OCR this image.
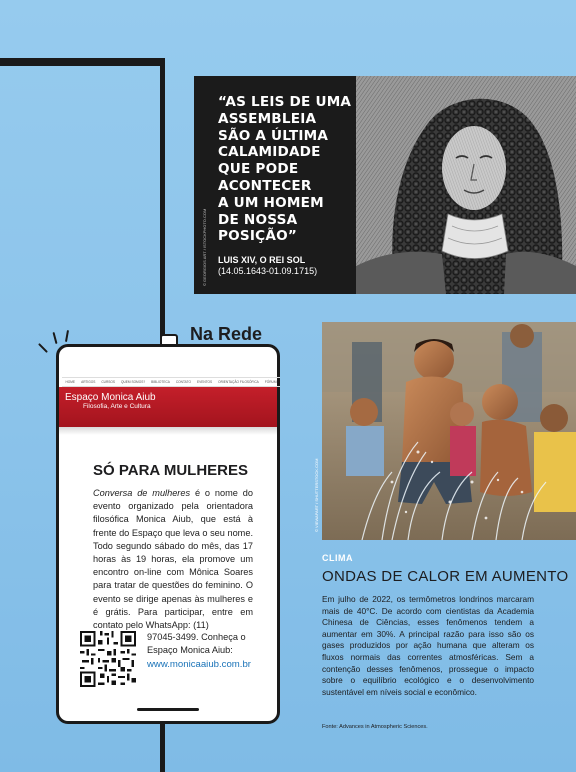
“AS LEIS DE UMA
ASSEMBLEIA
SÃO A ÚLTIMA
CALAMIDADE
QUE PODE
ACONTECER
A UM HOMEM
DE NOSSA
POSIÇÃO”
LUIS XIV, O REI SOL
(14.05.1643-01.09.1715)
© GEORGIOS ART / ISTOCKPHOTO.COM
Na Rede
HOME ARTIGOS CURSOS QUEM SOMOS? BIBLIOTECA CONTATO EVENTOS ORIENTAÇÃO FILOSÓFICA FÓRUM
Espaço Monica Aiub
Filosofia, Arte e Cultura
SÓ PARA MULHERES
Conversa de mulheres é o nome do evento organizado pela orientadora filosófica Monica Aiub, que está à frente do Espaço que leva o seu nome. Todo segundo sábado do mês, das 17 horas às 19 horas, ela promove um encontro on-line com Mônica Soares para tratar de questões do feminino. O evento se dirige apenas às mulheres e é grátis. Para participar, entre em contato pelo WhatsApp: (11)
97045-3499. Conheça o Espaço Monica Aiub:
www.monicaaiub.com.br
© VIEWAPART / SHUTTERSTOCK.COM
CLIMA
ONDAS DE CALOR EM AUMENTO
Em julho de 2022, os termômetros londrinos marcaram mais de 40°C. De acordo com cientistas da Academia Chinesa de Ciências, esses fenômenos tendem a aumentar em 30%. A principal razão para isso são os gases produzidos por ação humana que alteram os fluxos normais das correntes atmosféricas. Sem a contenção desses fenômenos, prossegue o impacto sobre o equilíbrio ecológico e o desenvolvimento sustentável em níveis social e econômico.
Fonte: Advances in Atmospheric Sciences.
